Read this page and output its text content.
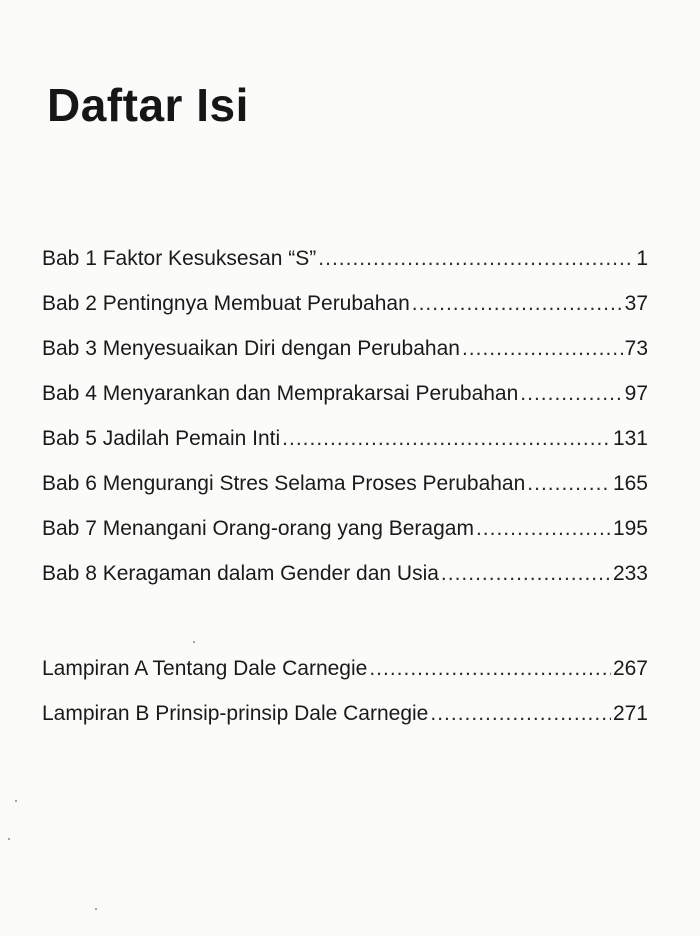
Daftar Isi
Bab 1 Faktor Kesuksesan “S” .....	1
Bab 2 Pentingnya Membuat Perubahan .....	37
Bab 3 Menyesuaikan Diri dengan Perubahan .....	73
Bab 4 Menyarankan dan Memprakarsai Perubahan .....	97
Bab 5 Jadilah Pemain Inti .....	131
Bab 6 Mengurangi Stres Selama Proses Perubahan .....	165
Bab 7 Menangani Orang-orang yang Beragam .....	195
Bab 8 Keragaman dalam Gender dan Usia .....	233
Lampiran A Tentang Dale Carnegie .....	267
Lampiran B Prinsip-prinsip Dale Carnegie .....	271
